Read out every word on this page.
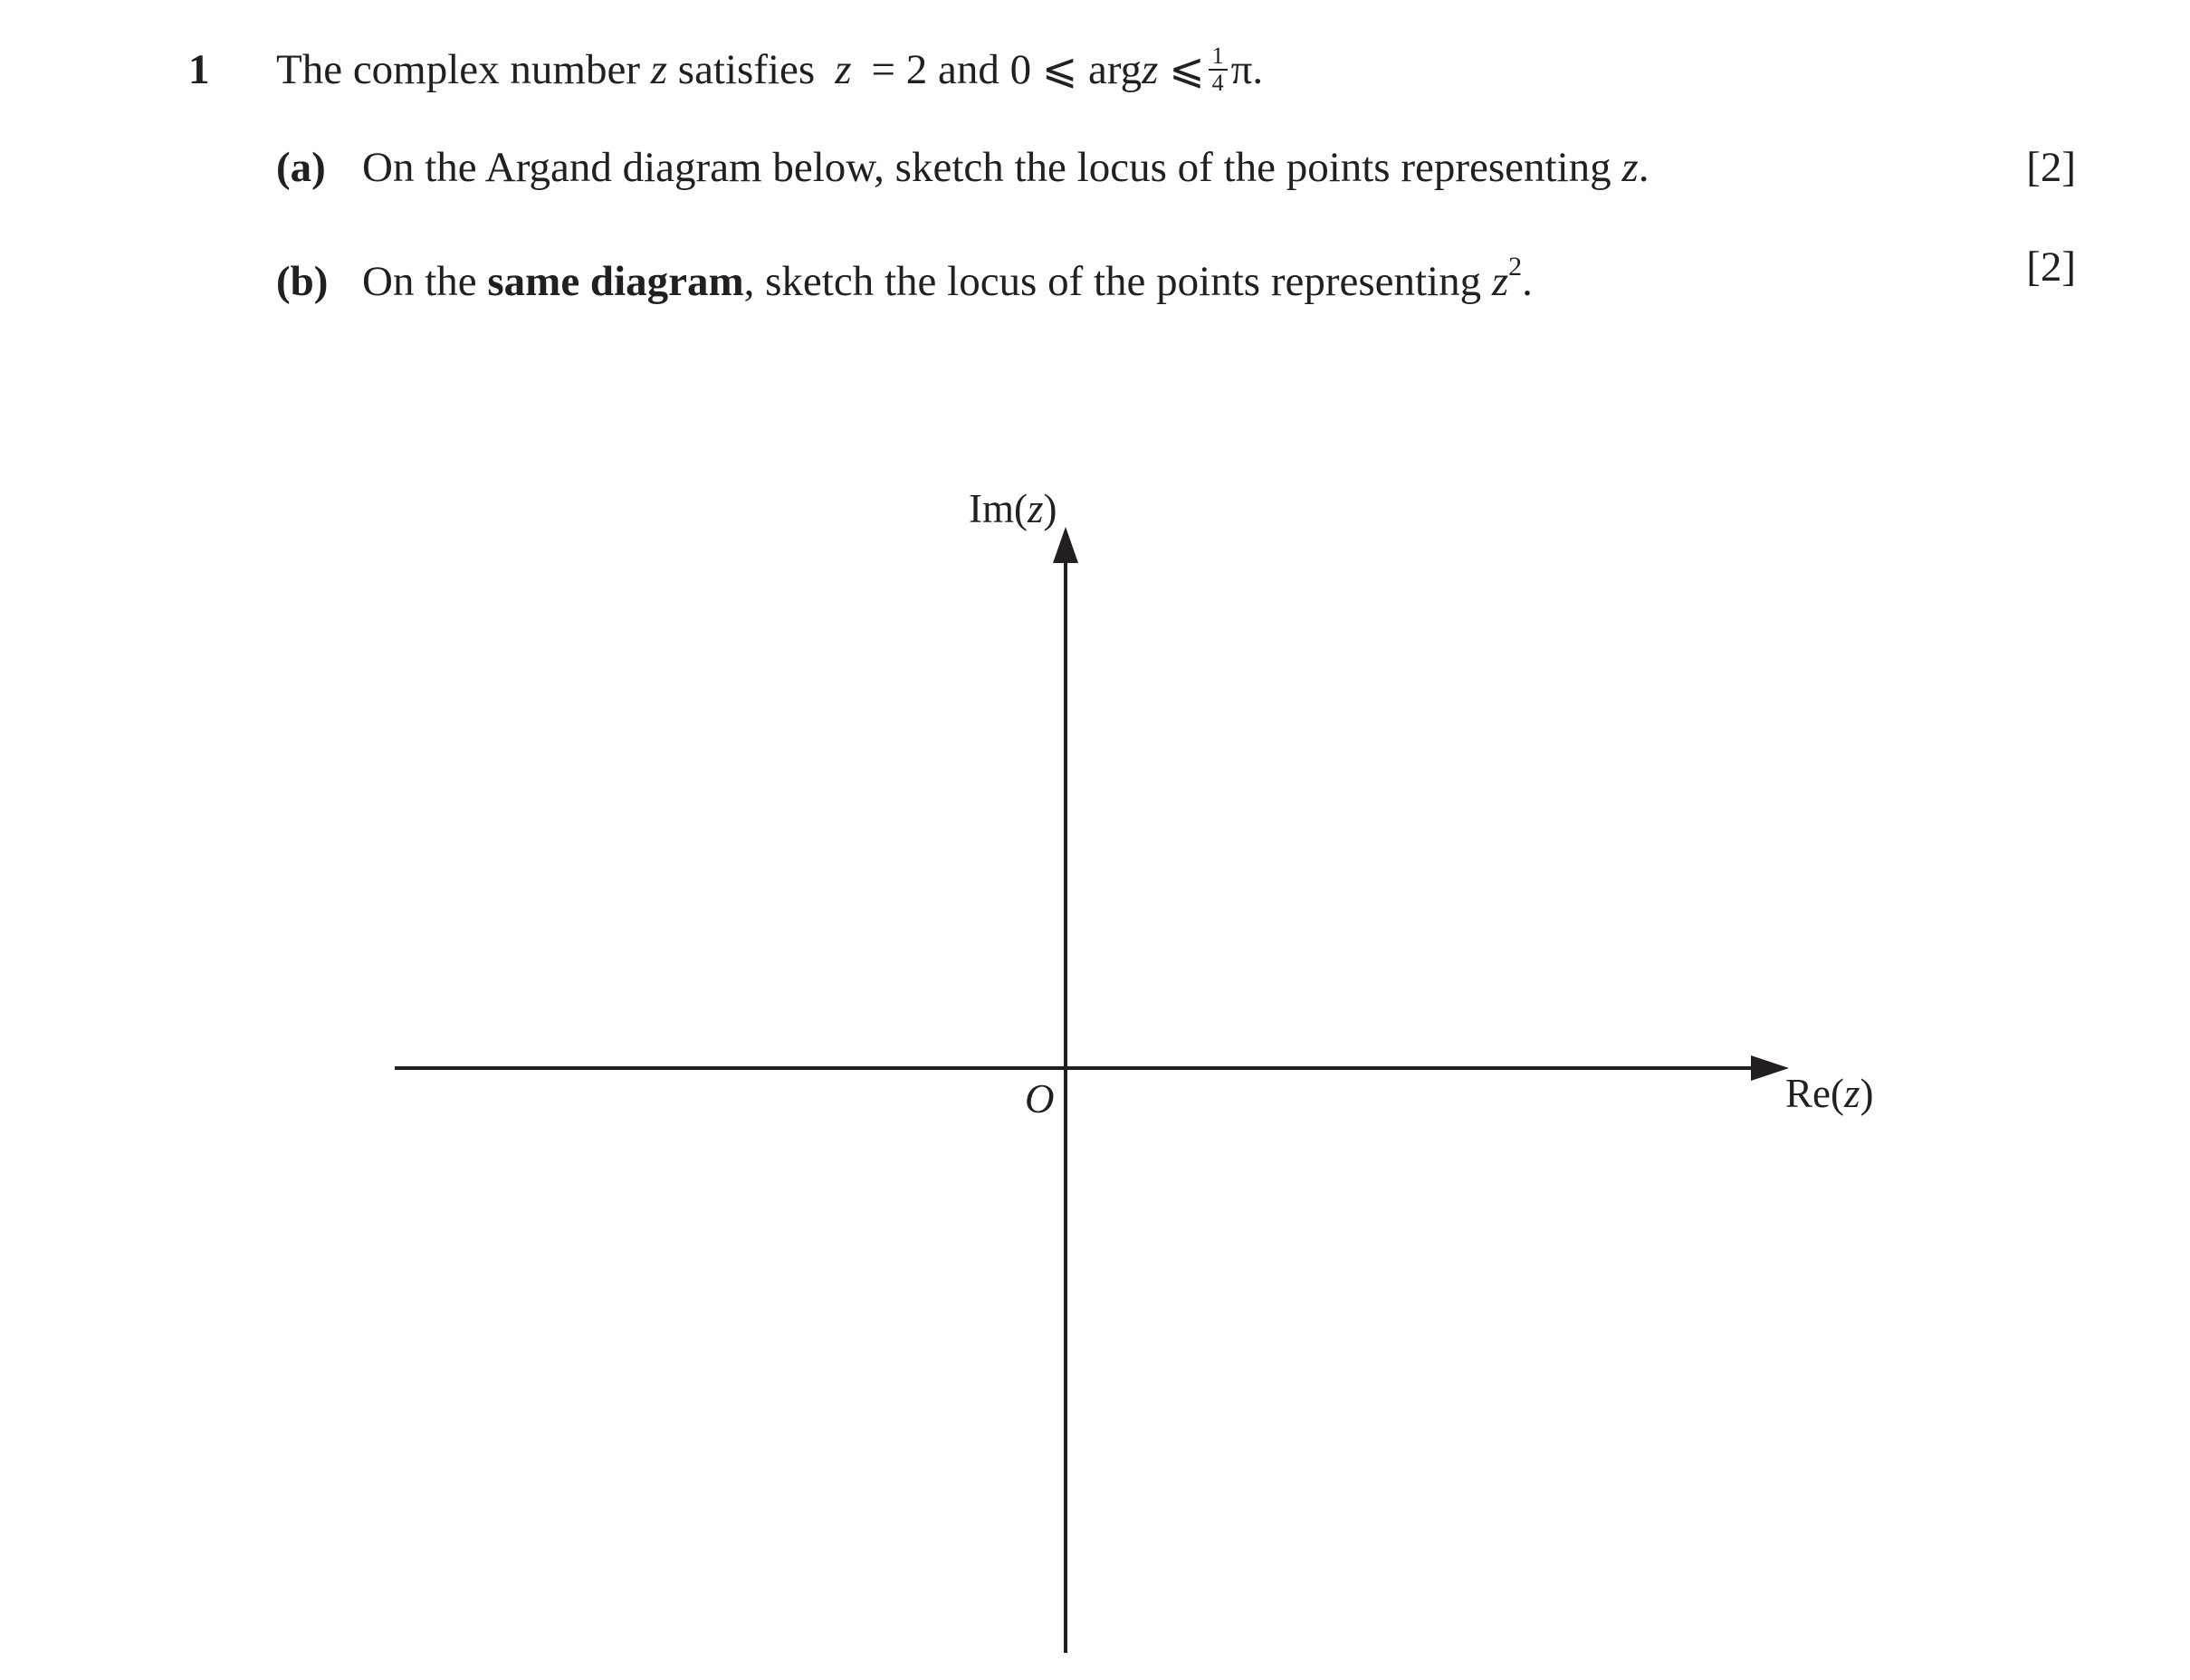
1 The complex number z satisfies z = 2 and 0 ⩽ argz ⩽ $\frac{1}{4} \pi$.
(a) On the Argand diagram below, sketch the locus of the points representing z.	[2]
(b) On the same diagram, sketch the locus of the points representing $z^2$.	[2]
Im(z)
Re(z)
O
